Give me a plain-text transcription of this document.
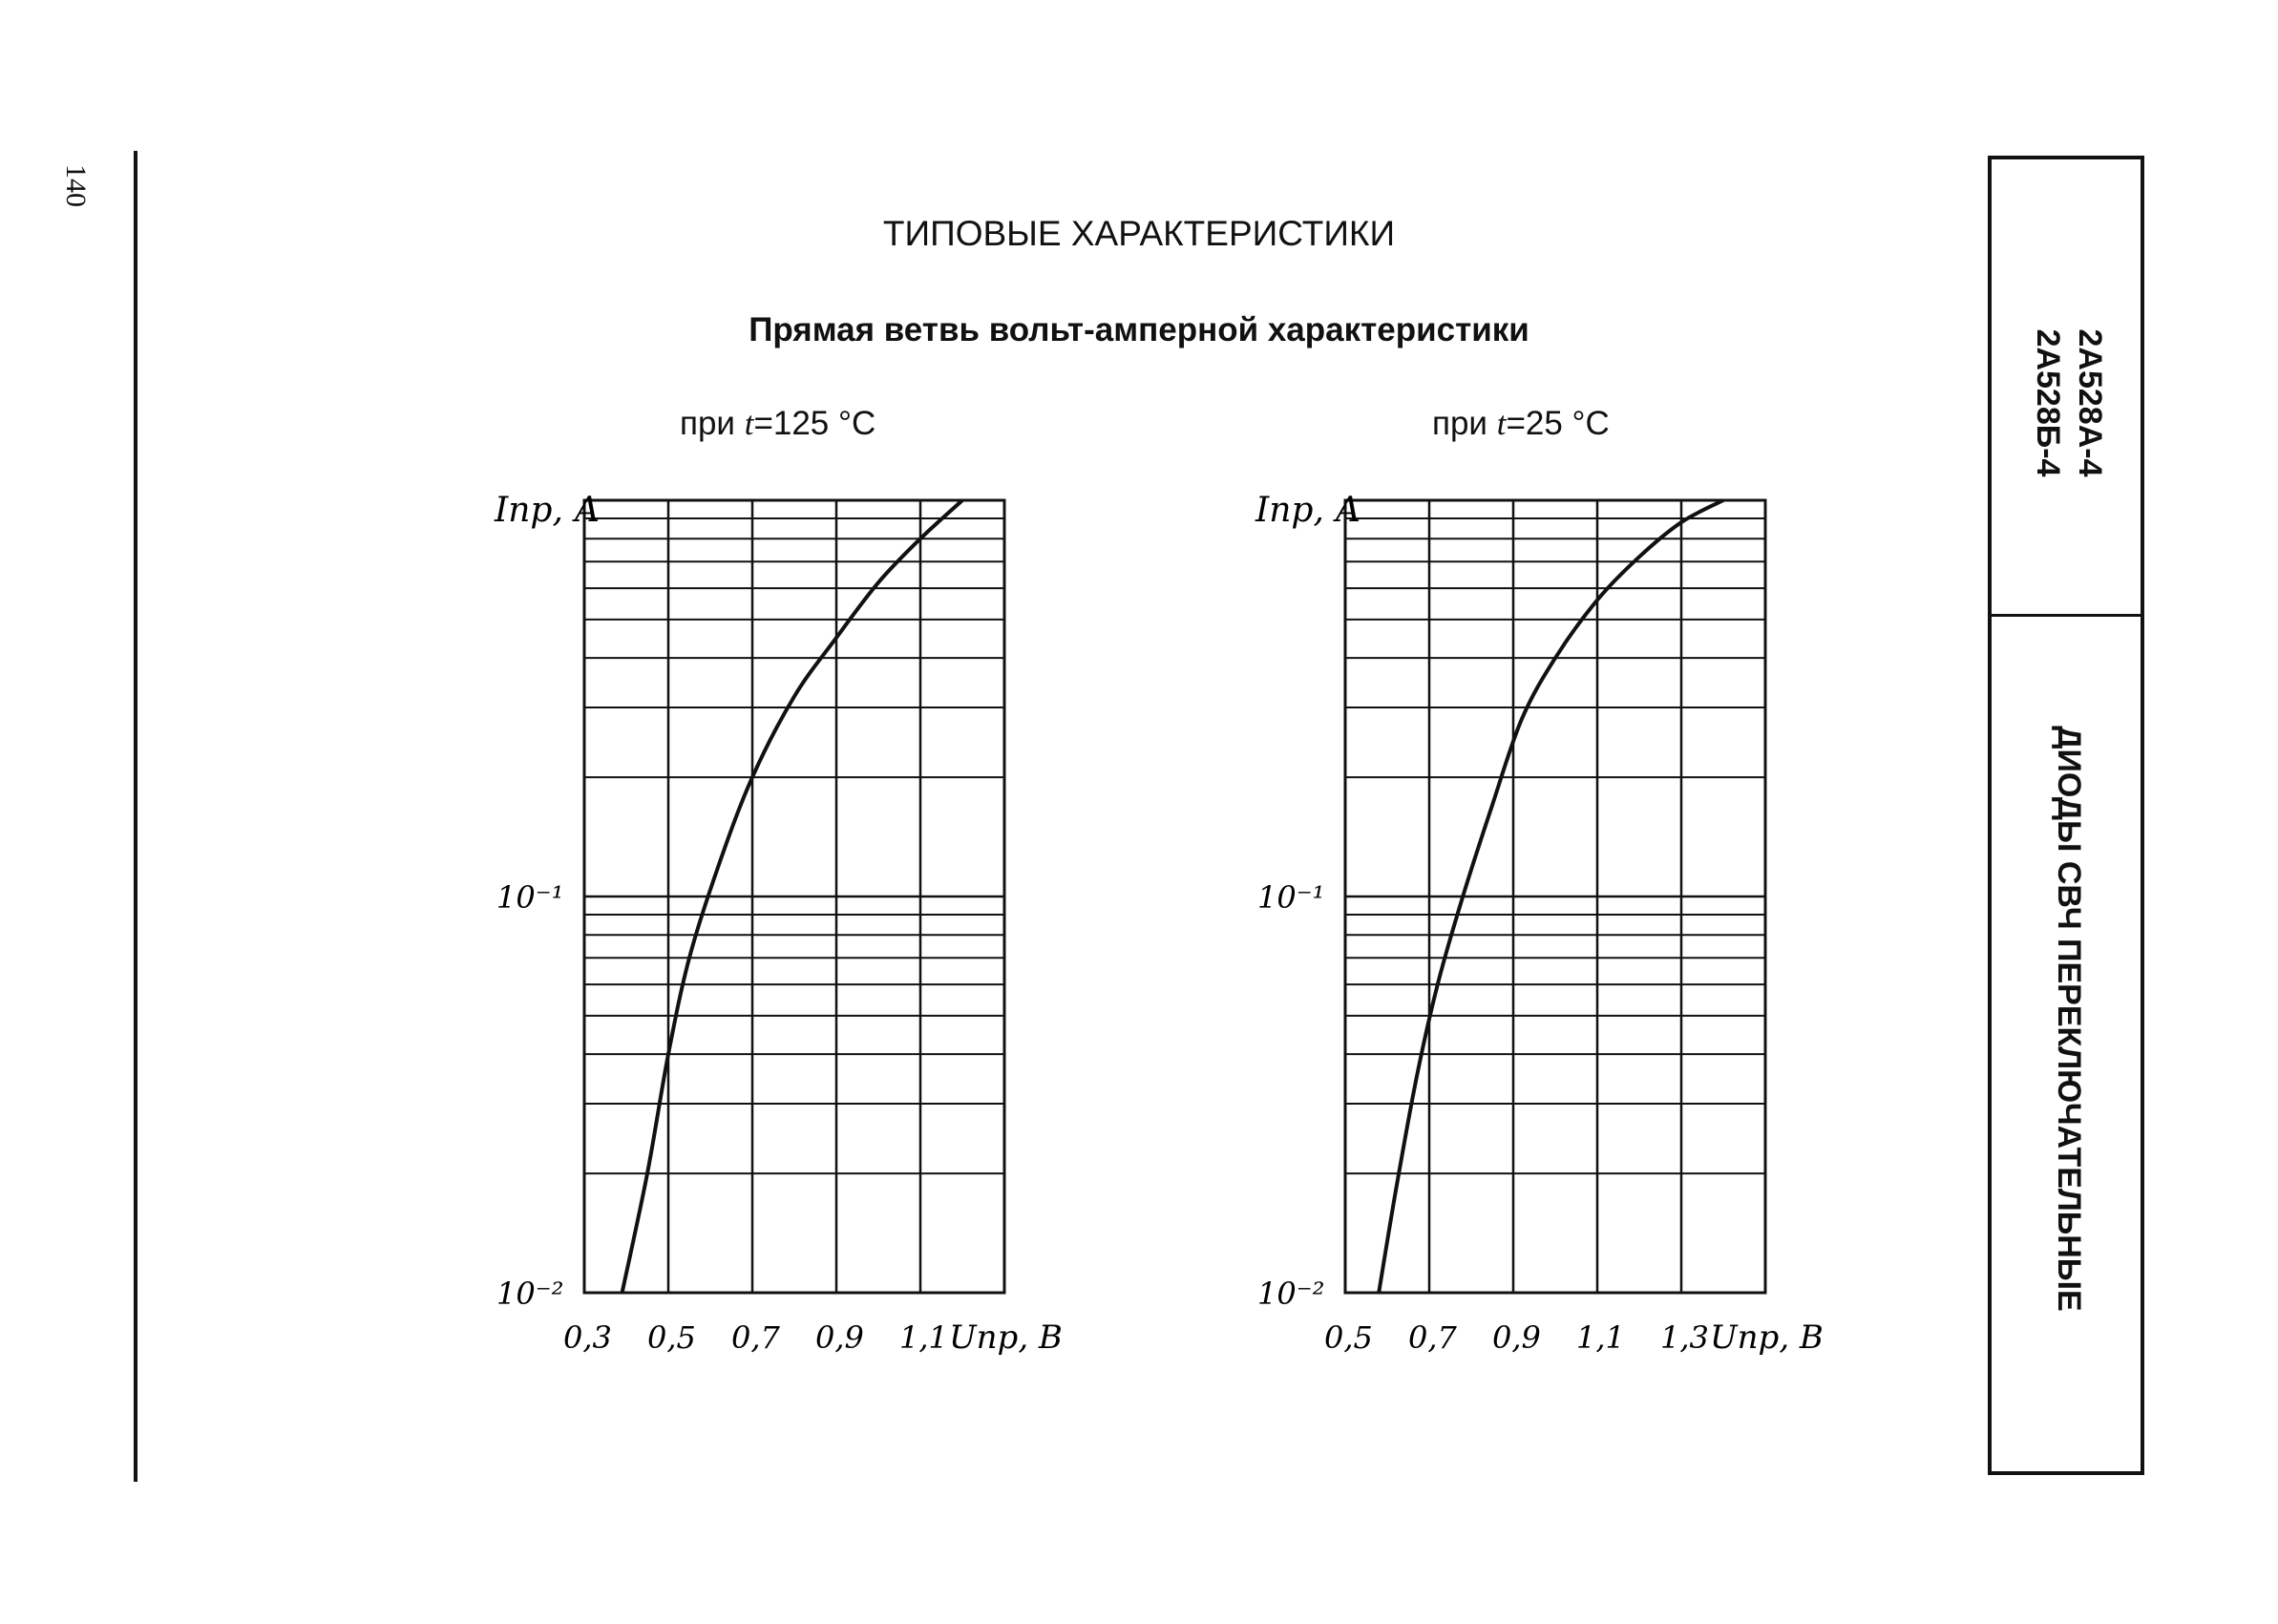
140
ТИПОВЫЕ ХАРАКТЕРИСТИКИ
Прямая ветвь вольт-амперной характеристики
при t=125 °С	при t=25 °С
Iпр, А
10⁻¹
10⁻²
0,3 0,5 0,7 0,9 1,1 Uпр, В
Iпр, А
10⁻¹
10⁻²
0,5 0,7 0,9 1,1 1,3 Uпр, В
2А528А-4
2А528Б-4
ДИОДЫ СВЧ ПЕРЕКЛЮЧАТЕЛЬНЫЕ
